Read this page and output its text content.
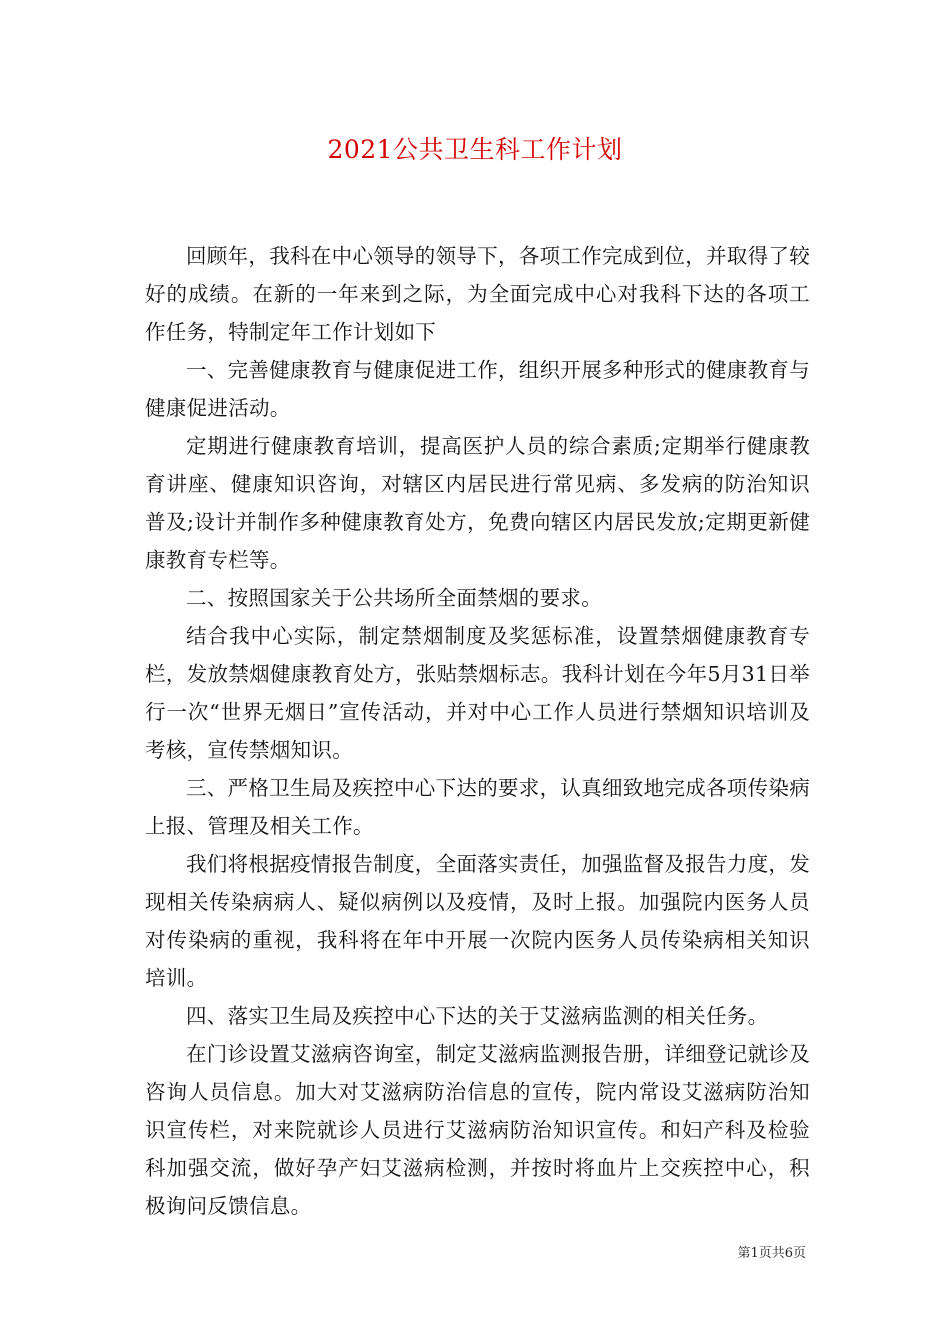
2021公共卫生科工作计划

回顾年，我科在中心领导的领导下，各项工作完成到位，并取得了较好的成绩。在新的一年来到之际，为全面完成中心对我科下达的各项工作任务，特制定年工作计划如下

一、完善健康教育与健康促进工作，组织开展多种形式的健康教育与健康促进活动。

定期进行健康教育培训，提高医护人员的综合素质;定期举行健康教育讲座、健康知识咨询，对辖区内居民进行常见病、多发病的防治知识普及;设计并制作多种健康教育处方，免费向辖区内居民发放;定期更新健康教育专栏等。

二、按照国家关于公共场所全面禁烟的要求。

结合我中心实际，制定禁烟制度及奖惩标准，设置禁烟健康教育专栏，发放禁烟健康教育处方，张贴禁烟标志。我科计划在今年5月31日举行一次“世界无烟日”宣传活动，并对中心工作人员进行禁烟知识培训及考核，宣传禁烟知识。

三、严格卫生局及疾控中心下达的要求，认真细致地完成各项传染病上报、管理及相关工作。

我们将根据疫情报告制度，全面落实责任，加强监督及报告力度，发现相关传染病病人、疑似病例以及疫情，及时上报。加强院内医务人员对传染病的重视，我科将在年中开展一次院内医务人员传染病相关知识培训。

四、落实卫生局及疾控中心下达的关于艾滋病监测的相关任务。

在门诊设置艾滋病咨询室，制定艾滋病监测报告册，详细登记就诊及咨询人员信息。加大对艾滋病防治信息的宣传，院内常设艾滋病防治知识宣传栏，对来院就诊人员进行艾滋病防治知识宣传。和妇产科及检验科加强交流，做好孕产妇艾滋病检测，并按时将血片上交疾控中心，积极询问反馈信息。

第1页共6页
